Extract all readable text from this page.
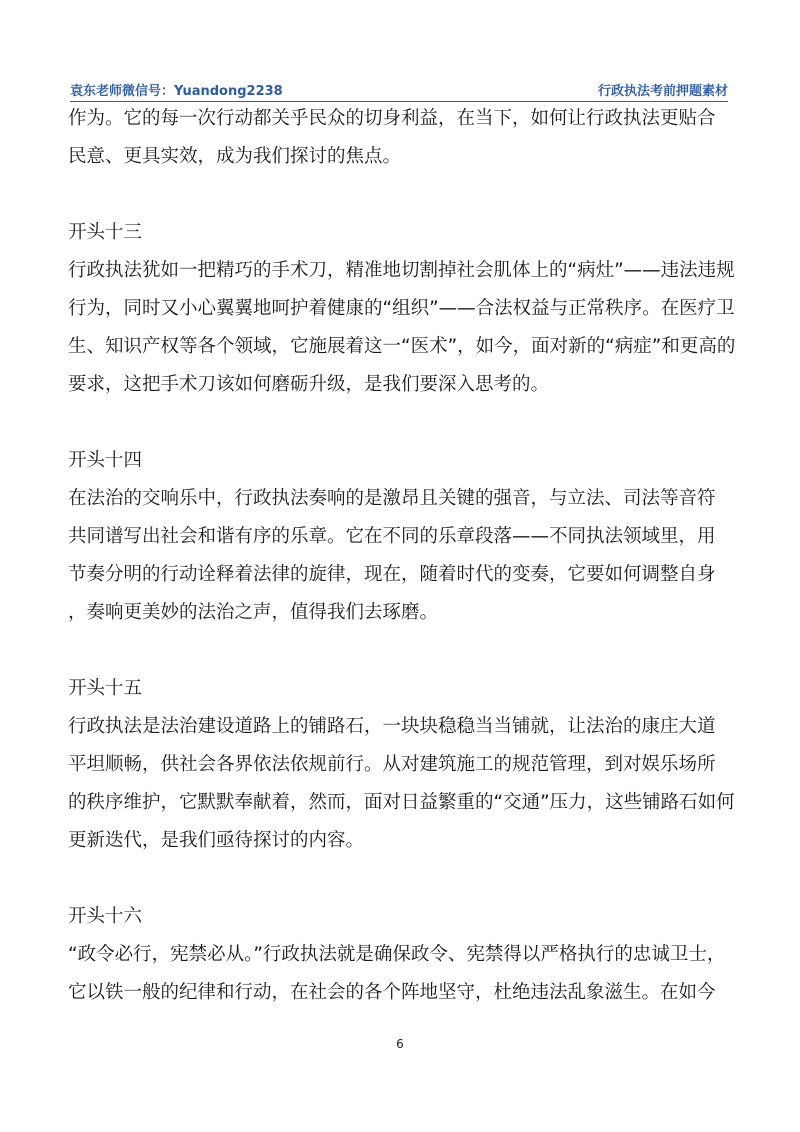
袁东老师微信号：Yuandong2238	行政执法考前押题素材
作为。它的每一次行动都关乎民众的切身利益，在当下，如何让行政执法更贴合
民意、更具实效，成为我们探讨的焦点。
开头十三
行政执法犹如一把精巧的手术刀，精准地切割掉社会肌体上的“病灶”——违法违规
行为，同时又小心翼翼地呵护着健康的“组织”——合法权益与正常秩序。在医疗卫
生、知识产权等各个领域，它施展着这一“医术”，如今，面对新的“病症”和更高的
要求，这把手术刀该如何磨砺升级，是我们要深入思考的。
开头十四
在法治的交响乐中，行政执法奏响的是激昂且关键的强音，与立法、司法等音符
共同谱写出社会和谐有序的乐章。它在不同的乐章段落——不同执法领域里，用
节奏分明的行动诠释着法律的旋律，现在，随着时代的变奏，它要如何调整自身
，奏响更美妙的法治之声，值得我们去琢磨。
开头十五
行政执法是法治建设道路上的铺路石，一块块稳稳当当铺就，让法治的康庄大道
平坦顺畅，供社会各界依法依规前行。从对建筑施工的规范管理，到对娱乐场所
的秩序维护，它默默奉献着，然而，面对日益繁重的“交通”压力，这些铺路石如何
更新迭代，是我们亟待探讨的内容。
开头十六
“政令必行，宪禁必从。”行政执法就是确保政令、宪禁得以严格执行的忠诚卫士，
它以铁一般的纪律和行动，在社会的各个阵地坚守，杜绝违法乱象滋生。在如今
6
